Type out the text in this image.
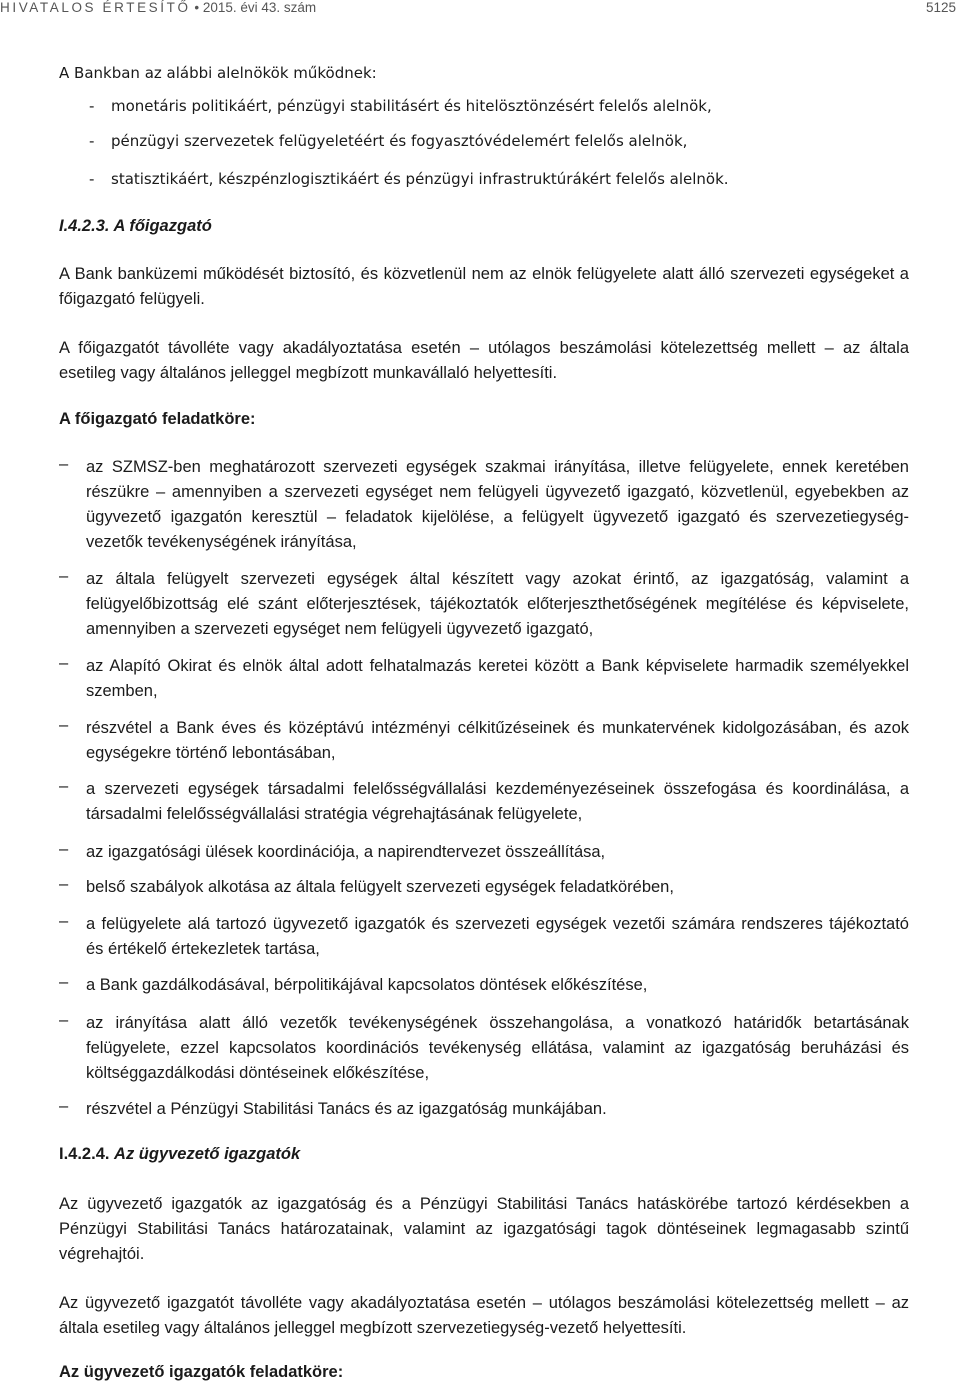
HIVATALOS ÉRTESÍTŐ • 2015. évi 43. szám	5125
A Bankban az alábbi alelnökök működnek:
- monetáris politikáért, pénzügyi stabilitásért és hitelösztönzésért felelős alelnök,
- pénzügyi szervezetek felügyeletéért és fogyasztóvédelemért felelős alelnök,
- statisztikáért, készpénzlogisztikáért és pénzügyi infrastruktúrákért felelős alelnök.
I.4.2.3. A főigazgató

A Bank banküzemi működését biztosító, és közvetlenül nem az elnök felügyelete alatt álló szervezeti egységeket a főigazgató felügyeli.

A főigazgatót távolléte vagy akadályoztatása esetén – utólagos beszámolási kötelezettség mellett – az általa esetileg vagy általános jelleggel megbízott munkavállaló helyettesíti.

A főigazgató feladatköre:
– az SZMSZ-ben meghatározott szervezeti egységek szakmai irányítása, illetve felügyelete, ennek keretében részükre – amennyiben a szervezeti egységet nem felügyeli ügyvezető igazgató, közvetlenül, egyebekben az ügyvezető igazgatón keresztül – feladatok kijelölése, a felügyelt ügyvezető igazgató és szervezetiegység-vezetők tevékenységének irányítása,
– az általa felügyelt szervezeti egységek által készített vagy azokat érintő, az igazgatóság, valamint a felügyelőbizottság elé szánt előterjesztések, tájékoztatók előterjeszthetőségének megítélése és képviselete, amennyiben a szervezeti egységet nem felügyeli ügyvezető igazgató,
– az Alapító Okirat és elnök által adott felhatalmazás keretei között a Bank képviselete harmadik személyekkel szemben,
– részvétel a Bank éves és középtávú intézményi célkitűzéseinek és munkatervének kidolgozásában, és azok egységekre történő lebontásában,
– a szervezeti egységek társadalmi felelősségvállalási kezdeményezéseinek összefogása és koordinálása, a társadalmi felelősségvállalási stratégia végrehajtásának felügyelete,
– az igazgatósági ülések koordinációja, a napirendtervezet összeállítása,
– belső szabályok alkotása az általa felügyelt szervezeti egységek feladatkörében,
– a felügyelete alá tartozó ügyvezető igazgatók és szervezeti egységek vezetői számára rendszeres tájékoztató és értékelő értekezletek tartása,
– a Bank gazdálkodásával, bérpolitikájával kapcsolatos döntések előkészítése,
– az irányítása alatt álló vezetők tevékenységének összehangolása, a vonatkozó határidők betartásának felügyelete, ezzel kapcsolatos koordinációs tevékenység ellátása, valamint az igazgatóság beruházási és költséggazdálkodási döntéseinek előkészítése,
– részvétel a Pénzügyi Stabilitási Tanács és az igazgatóság munkájában.
I.4.2.4. Az ügyvezető igazgatók

Az ügyvezető igazgatók az igazgatóság és a Pénzügyi Stabilitási Tanács hatáskörébe tartozó kérdésekben a Pénzügyi Stabilitási Tanács határozatainak, valamint az igazgatósági tagok döntéseinek legmagasabb szintű végrehajtói.

Az ügyvezető igazgatót távolléte vagy akadályoztatása esetén – utólagos beszámolási kötelezettség mellett – az általa esetileg vagy általános jelleggel megbízott szervezetiegység-vezető helyettesíti.

Az ügyvezető igazgatók feladatköre:
